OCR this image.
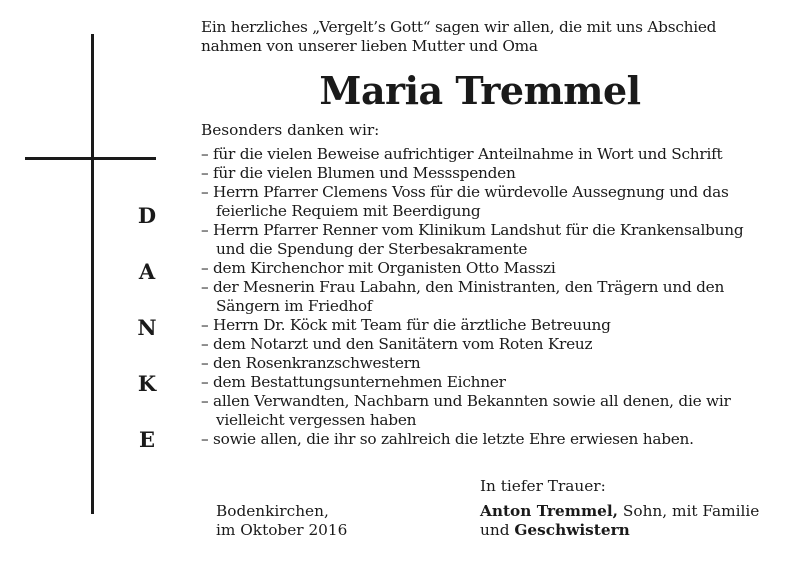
D
A
N
K
E
Ein herzliches „Vergelt’s Gott“ sagen wir allen, die mit uns Abschied nahmen von unserer lieben Mutter und Oma
Maria Tremmel
Besonders danken wir:
– für die vielen Beweise aufrichtiger Anteilnahme in Wort und Schrift
– für die vielen Blumen und Messspenden
– Herrn Pfarrer Clemens Voss für die würdevolle Aussegnung und das feierliche Requiem mit Beerdigung
– Herrn Pfarrer Renner vom Klinikum Landshut für die Krankensalbung und die Spendung der Sterbesakramente
– dem Kirchenchor mit Organisten Otto Masszi
– der Mesnerin Frau Labahn, den Ministranten, den Trägern und den Sängern im Friedhof
– Herrn Dr. Köck mit Team für die ärztliche Betreuung
– dem Notarzt und den Sanitätern vom Roten Kreuz
– den Rosenkranzschwestern
– dem Bestattungsunternehmen Eichner
– allen Verwandten, Nachbarn und Bekannten sowie all denen, die wir vielleicht vergessen haben
– sowie allen, die ihr so zahlreich die letzte Ehre erwiesen haben.
In tiefer Trauer:
Bodenkirchen,
im Oktober 2016
Anton Tremmel, Sohn, mit Familie
und Geschwistern
